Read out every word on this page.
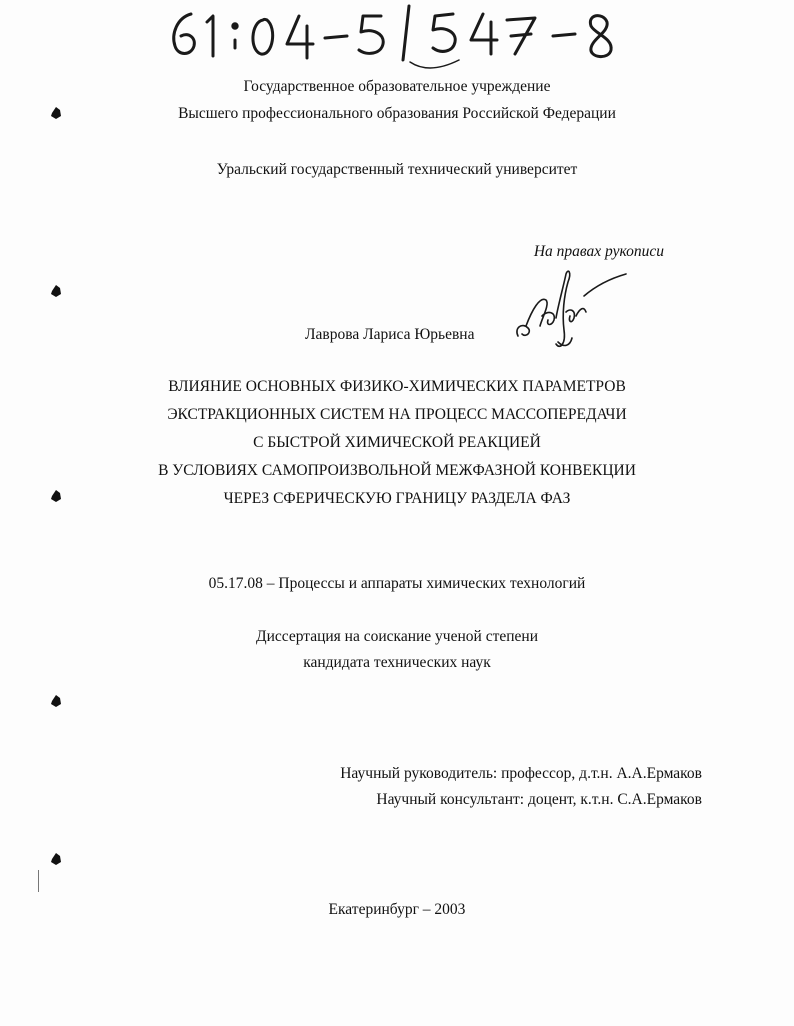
Государственное образовательное учреждение
Высшего профессионального образования Российской Федерации
Уральский государственный технический университет
На правах рукописи
Лаврова Лариса Юрьевна
ВЛИЯНИЕ ОСНОВНЫХ ФИЗИКО-ХИМИЧЕСКИХ ПАРАМЕТРОВ
ЭКСТРАКЦИОННЫХ СИСТЕМ НА ПРОЦЕСС МАССОПЕРЕДАЧИ
С БЫСТРОЙ ХИМИЧЕСКОЙ РЕАКЦИЕЙ
В УСЛОВИЯХ САМОПРОИЗВОЛЬНОЙ МЕЖФАЗНОЙ КОНВЕКЦИИ
ЧЕРЕЗ СФЕРИЧЕСКУЮ ГРАНИЦУ РАЗДЕЛА ФАЗ
05.17.08 – Процессы и аппараты химических технологий
Диссертация на соискание ученой степени
кандидата технических наук
Научный руководитель: профессор, д.т.н. А.А.Ермаков
Научный консультант: доцент, к.т.н. С.А.Ермаков
Екатеринбург – 2003
